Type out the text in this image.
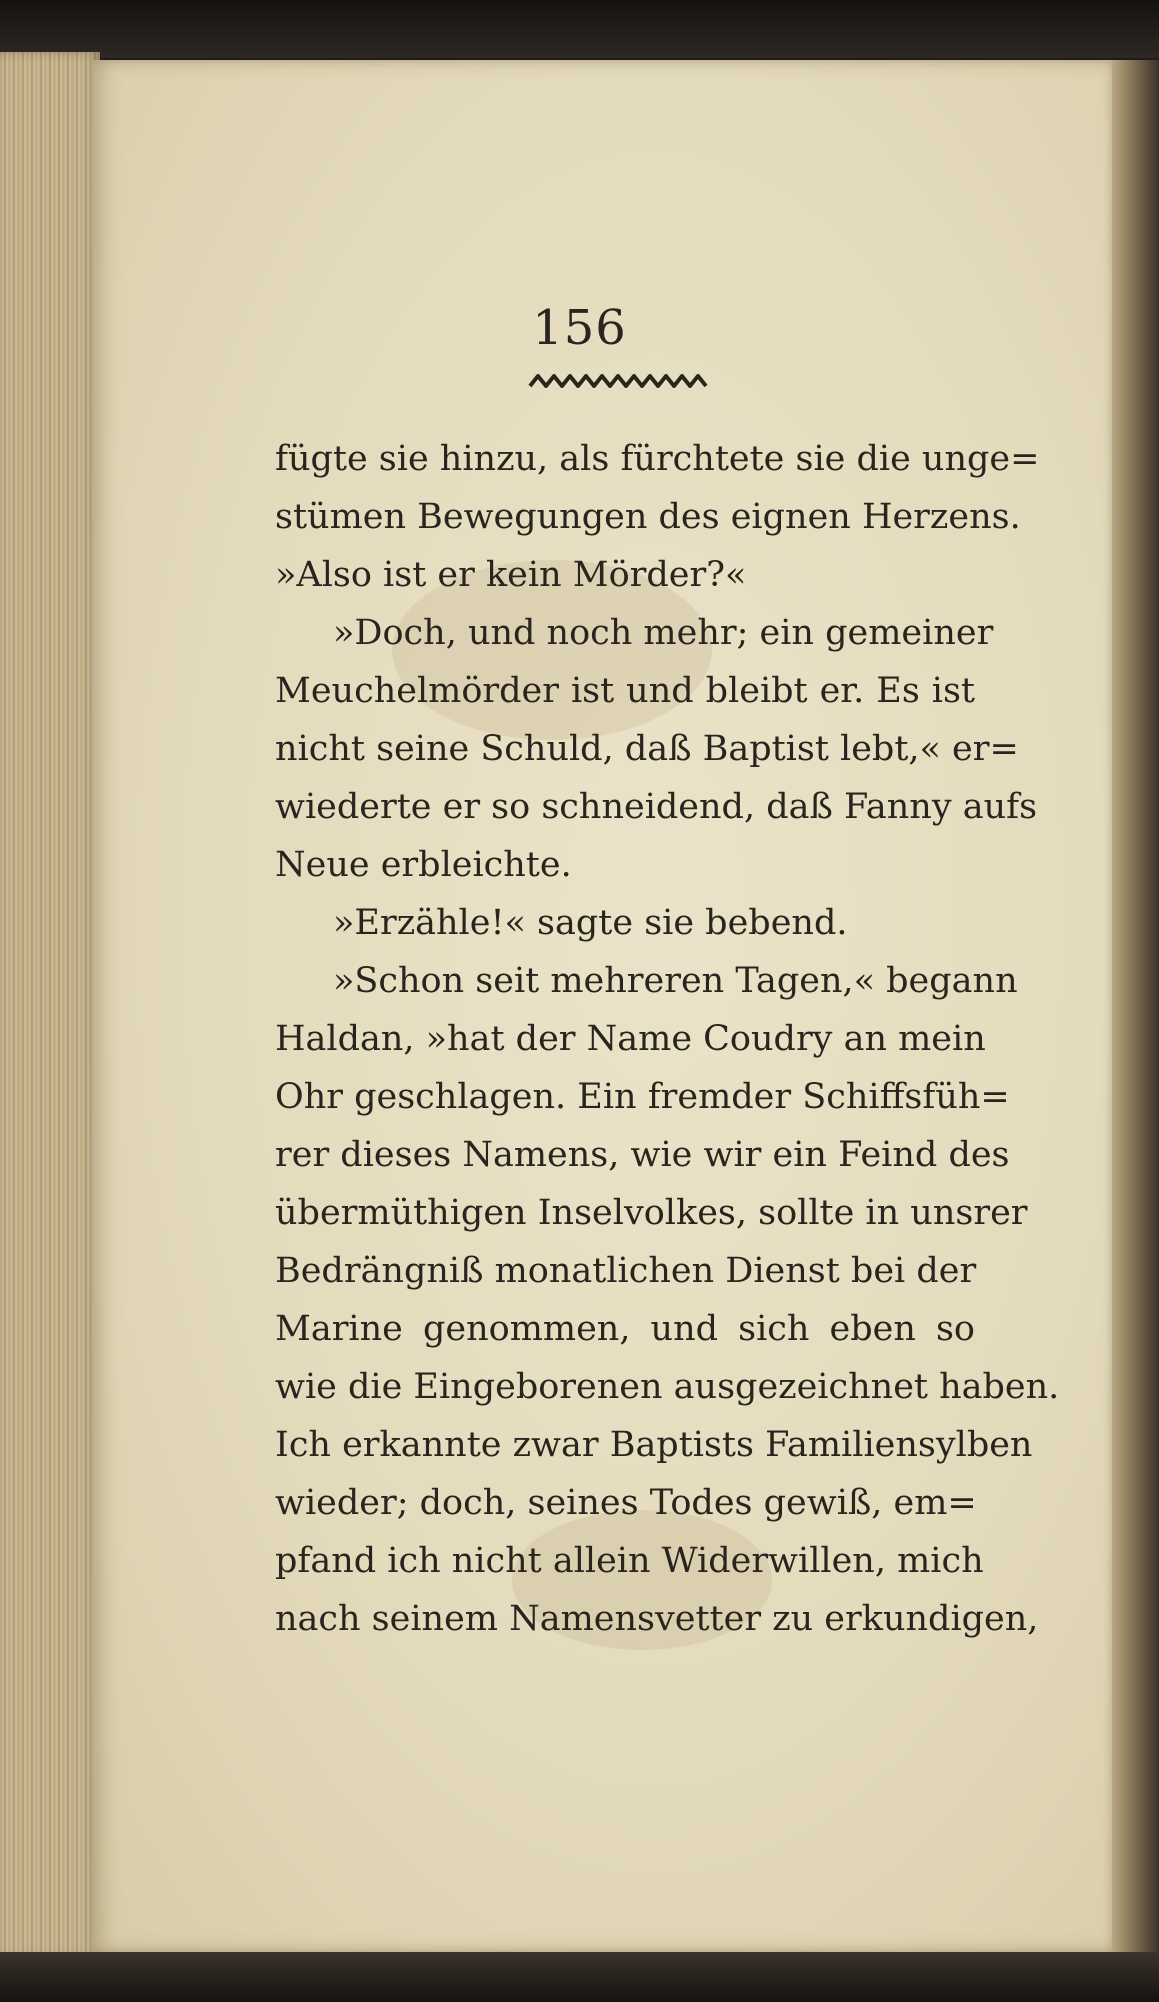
156
fügte sie hinzu, als fürchtete sie die unge=
stümen Bewegungen des eignen Herzens.
»Also ist er kein Mörder?«
»Doch, und noch mehr; ein gemeiner
Meuchelmörder ist und bleibt er. Es ist
nicht seine Schuld, daß Baptist lebt,« er=
wiederte er so schneidend, daß Fanny aufs
Neue erbleichte.
»Erzähle!« sagte sie bebend.
»Schon seit mehreren Tagen,« begann
Haldan, »hat der Name Coudry an mein
Ohr geschlagen. Ein fremder Schiffsfüh=
rer dieses Namens, wie wir ein Feind des
übermüthigen Inselvolkes, sollte in unsrer
Bedrängniß monatlichen Dienst bei der
Marine genommen, und sich eben so
wie die Eingeborenen ausgezeichnet haben.
Ich erkannte zwar Baptists Familiensylben
wieder; doch, seines Todes gewiß, em=
pfand ich nicht allein Widerwillen, mich
nach seinem Namensvetter zu erkundigen,
